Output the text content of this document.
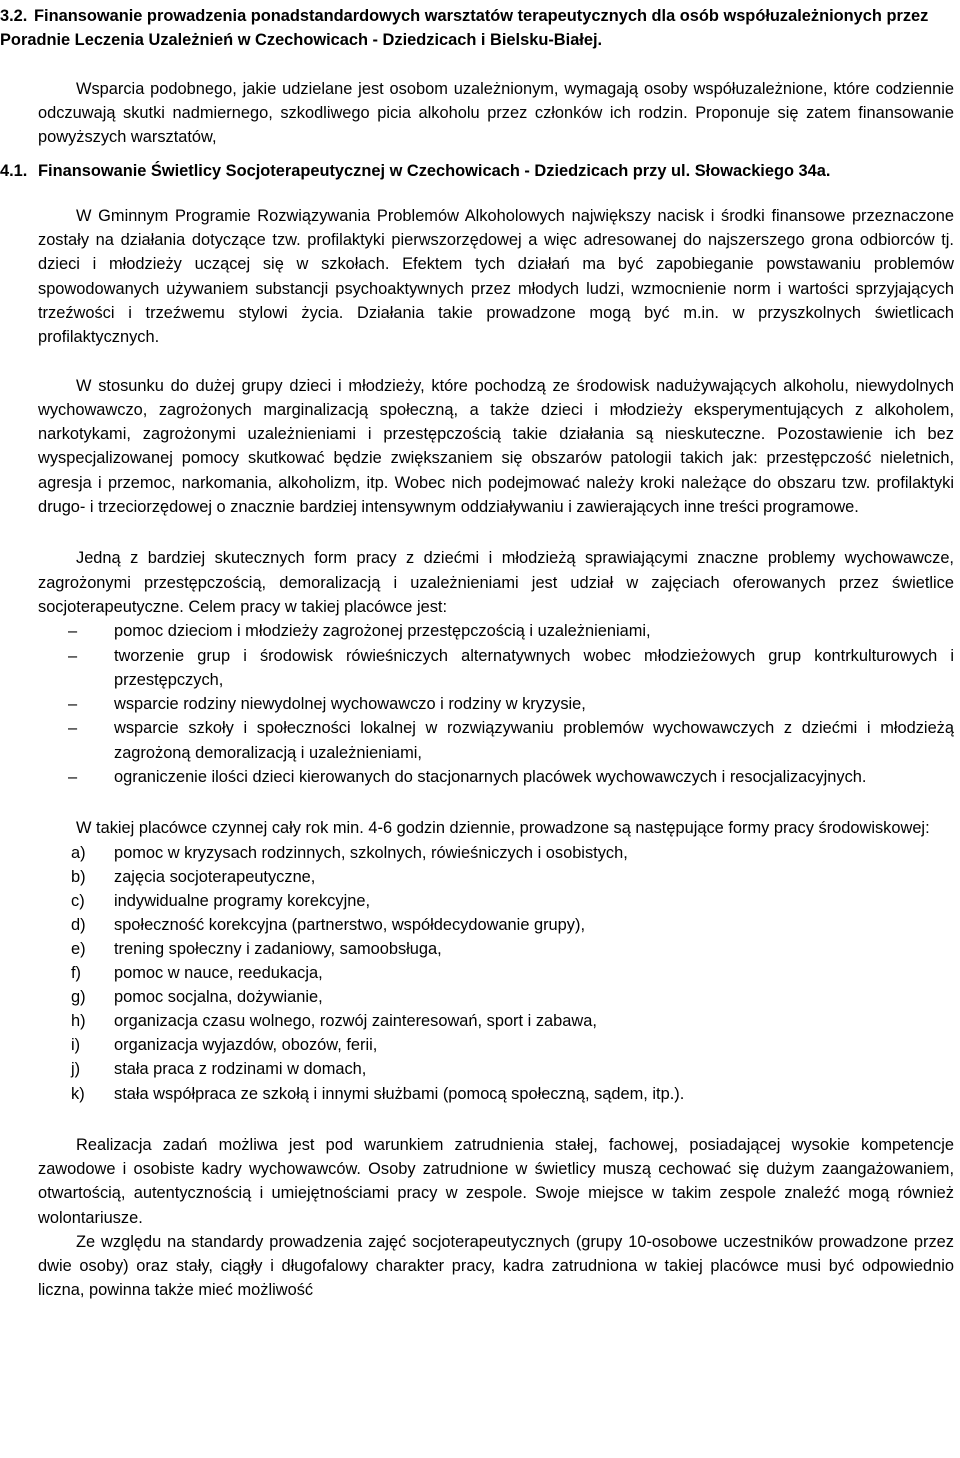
3.2. Finansowanie prowadzenia ponadstandardowych warsztatów terapeutycznych dla osób współuzależnionych przez Poradnie Leczenia Uzależnień w Czechowicach - Dziedzicach i Bielsku-Białej.

Wsparcia podobnego, jakie udzielane jest osobom uzależnionym, wymagają osoby współuzależnione, które codziennie odczuwają skutki nadmiernego, szkodliwego picia alkoholu przez członków ich rodzin. Proponuje się zatem finansowanie powyższych warsztatów,

4.1. Finansowanie Świetlicy Socjoterapeutycznej w Czechowicach - Dziedzicach przy ul. Słowackiego 34a.

W Gminnym Programie Rozwiązywania Problemów Alkoholowych największy nacisk i środki finansowe przeznaczone zostały na działania dotyczące tzw. profilaktyki pierwszorzędowej a więc adresowanej do najszerszego grona odbiorców tj. dzieci i młodzieży uczącej się w szkołach. Efektem tych działań ma być zapobieganie powstawaniu problemów spowodowanych używaniem substancji psychoaktywnych przez młodych ludzi, wzmocnienie norm i wartości sprzyjających trzeźwości i trzeźwemu stylowi życia. Działania takie prowadzone mogą być m.in. w przyszkolnych świetlicach profilaktycznych.

W stosunku do dużej grupy dzieci i młodzieży, które pochodzą ze środowisk nadużywających alkoholu, niewydolnych wychowawczo, zagrożonych marginalizacją społeczną, a także dzieci i młodzieży eksperymentujących z alkoholem, narkotykami, zagrożonymi uzależnieniami i przestępczością takie działania są nieskuteczne. Pozostawienie ich bez wyspecjalizowanej pomocy skutkować będzie zwiększaniem się obszarów patologii takich jak: przestępczość nieletnich, agresja i przemoc, narkomania, alkoholizm, itp. Wobec nich podejmować należy kroki należące do obszaru tzw. profilaktyki drugo- i trzeciorzędowej o znacznie bardziej intensywnym oddziaływaniu i zawierających inne treści programowe.

Jedną z bardziej skutecznych form pracy z dziećmi i młodzieżą sprawiającymi znaczne problemy wychowawcze, zagrożonymi przestępczością, demoralizacją i uzależnieniami jest udział w zajęciach oferowanych przez świetlice socjoterapeutyczne. Celem pracy w takiej placówce jest:

– pomoc dzieciom i młodzieży zagrożonej przestępczością i uzależnieniami,
– tworzenie grup i środowisk rówieśniczych alternatywnych wobec młodzieżowych grup kontrkulturowych i przestępczych,
– wsparcie rodziny niewydolnej wychowawczo i rodziny w kryzysie,
– wsparcie szkoły i społeczności lokalnej w rozwiązywaniu problemów wychowawczych z dziećmi i młodzieżą zagrożoną demoralizacją i uzależnieniami,
– ograniczenie ilości dzieci kierowanych do stacjonarnych placówek wychowawczych i resocjalizacyjnych.

W takiej placówce czynnej cały rok min. 4-6 godzin dziennie, prowadzone są następujące formy pracy środowiskowej:

a) pomoc w kryzysach rodzinnych, szkolnych, rówieśniczych i osobistych,
b) zajęcia socjoterapeutyczne,
c) indywidualne programy korekcyjne,
d) społeczność korekcyjna (partnerstwo, współdecydowanie grupy),
e) trening społeczny i zadaniowy, samoobsługa,
f) pomoc w nauce, reedukacja,
g) pomoc socjalna, dożywianie,
h) organizacja czasu wolnego, rozwój zainteresowań, sport i zabawa,
i) organizacja wyjazdów, obozów, ferii,
j) stała praca z rodzinami w domach,
k) stała współpraca ze szkołą i innymi służbami (pomocą społeczną, sądem, itp.).

Realizacja zadań możliwa jest pod warunkiem zatrudnienia stałej, fachowej, posiadającej wysokie kompetencje zawodowe i osobiste kadry wychowawców. Osoby zatrudnione w świetlicy muszą cechować się dużym zaangażowaniem, otwartością, autentycznością i umiejętnościami pracy w zespole. Swoje miejsce w takim zespole znaleźć mogą również wolontariusze.

Ze względu na standardy prowadzenia zajęć socjoterapeutycznych (grupy 10-osobowe uczestników prowadzone przez dwie osoby) oraz stały, ciągły i długofalowy charakter pracy, kadra zatrudniona w takiej placówce musi być odpowiednio liczna, powinna także mieć możliwość
